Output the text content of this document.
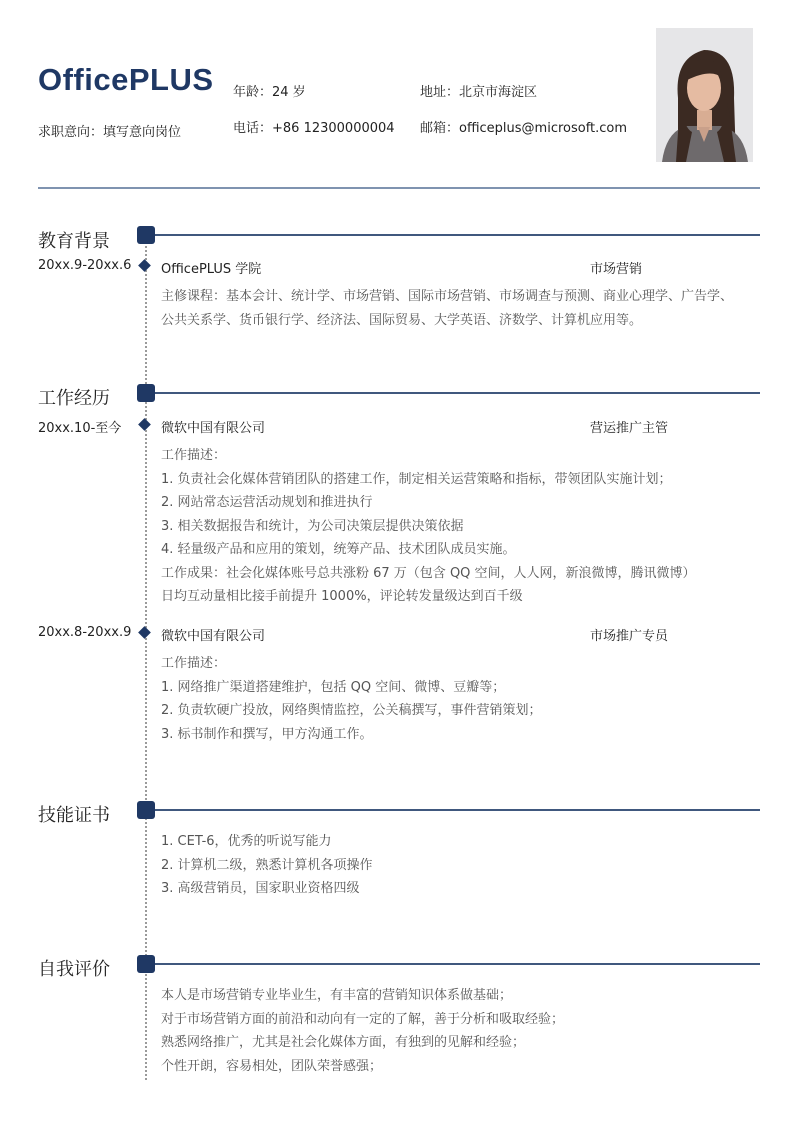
OfficePLUS
求职意向：填写意向岗位
年龄：24 岁	地址：北京市海淀区
电话：+86 12300000004 邮箱：officeplus@microsoft.com
教育背景
20xx.9-20xx.6 OfficePLUS 学院	市场营销
主修课程：基本会计、统计学、市场营销、国际市场营销、市场调查与预测、商业心理学、广告学、
公共关系学、货币银行学、经济法、国际贸易、大学英语、济数学、计算机应用等。
工作经历
20xx.10-至今	微软中国有限公司	营运推广主管
工作描述：
1. 负责社会化媒体营销团队的搭建工作，制定相关运营策略和指标，带领团队实施计划；
2. 网站常态运营活动规划和推进执行
3. 相关数据报告和统计，为公司决策层提供决策依据
4. 轻量级产品和应用的策划，统筹产品、技术团队成员实施。
工作成果：社会化媒体账号总共涨粉 67 万（包含 QQ 空间，人人网，新浪微博，腾讯微博）
日均互动量相比接手前提升 1000%，评论转发量级达到百千级
20xx.8-20xx.9 微软中国有限公司	市场推广专员
工作描述：
1. 网络推广渠道搭建维护，包括 QQ 空间、微博、豆瓣等；
2. 负责软硬广投放，网络舆情监控，公关稿撰写，事件营销策划；
3. 标书制作和撰写，甲方沟通工作。
技能证书
1. CET-6，优秀的听说写能力
2. 计算机二级，熟悉计算机各项操作
3. 高级营销员，国家职业资格四级
自我评价
本人是市场营销专业毕业生，有丰富的营销知识体系做基础；
对于市场营销方面的前沿和动向有一定的了解，善于分析和吸取经验；
熟悉网络推广，尤其是社会化媒体方面，有独到的见解和经验；
个性开朗，容易相处，团队荣誉感强；
